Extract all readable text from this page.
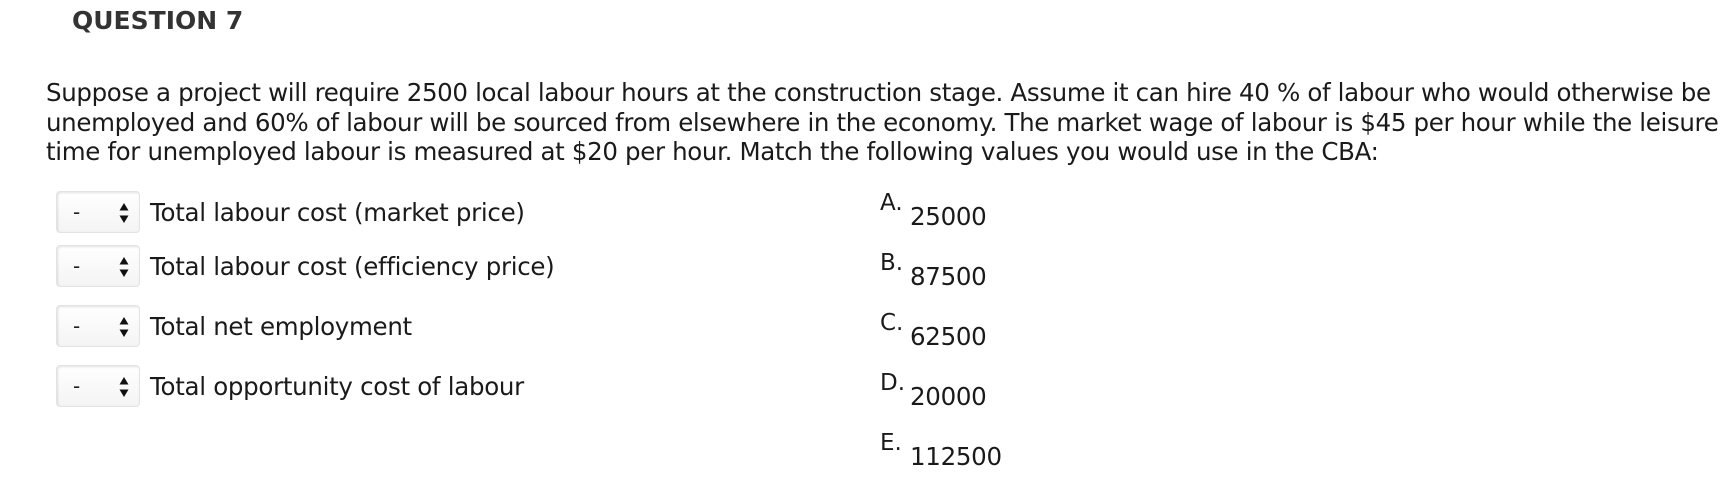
QUESTION 7

Suppose a project will require 2500 local labour hours at the construction stage. Assume it can hire 40 % of labour who would otherwise be unemployed and 60% of labour will be sourced from elsewhere in the economy. The market wage of labour is $45 per hour while the leisure time for unemployed labour is measured at $20 per hour. Match the following values you would use in the CBA:

-	Total labour cost (market price)
-	Total labour cost (efficiency price)
-	Total net employment
-	Total opportunity cost of labour
A. 25000
B. 87500
C. 62500
D. 20000
E. 112500
